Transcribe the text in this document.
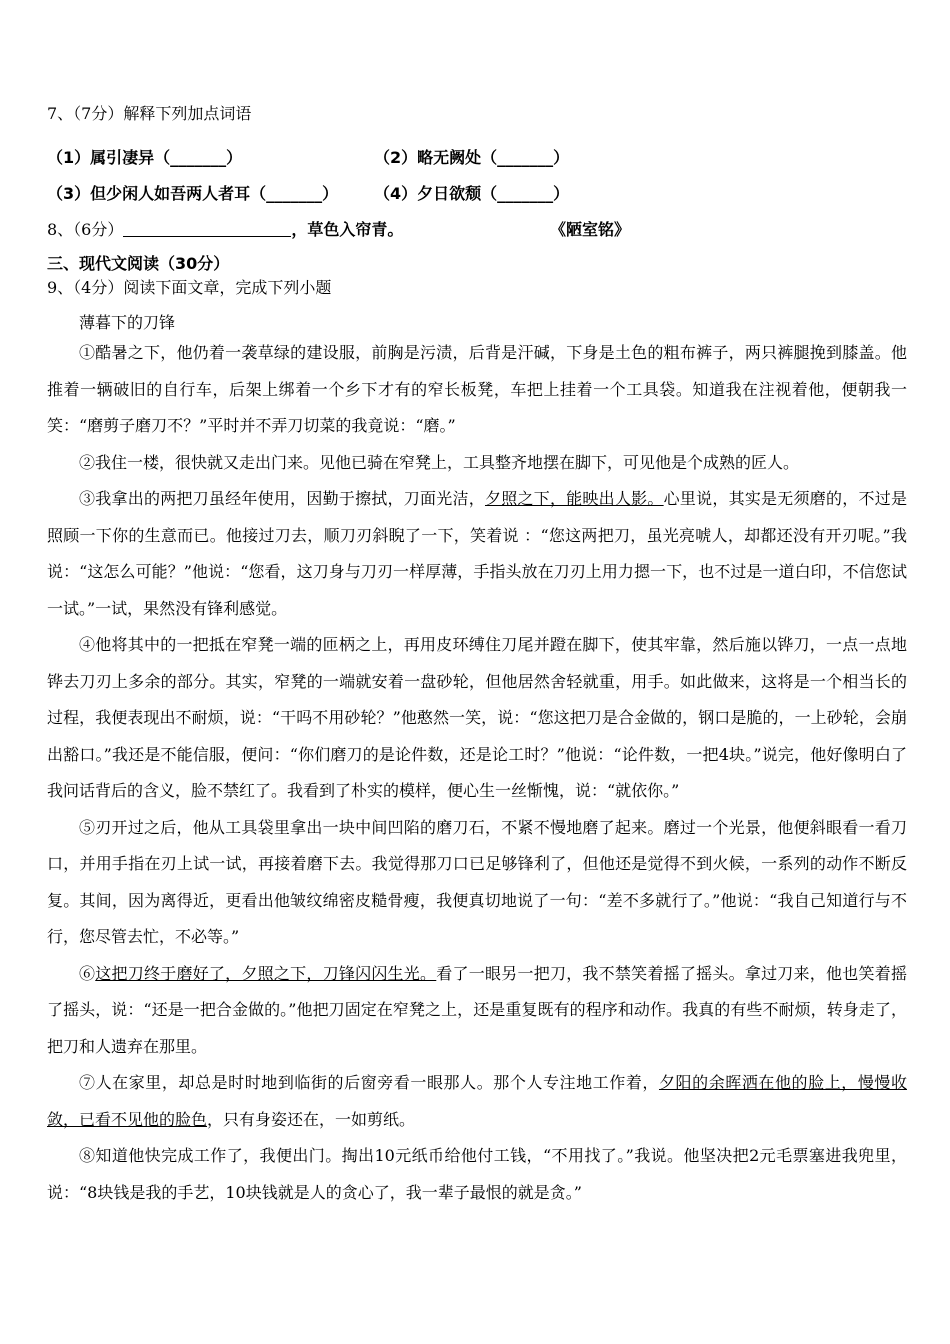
7、（7分）解释下列加点词语
（1）属引凄异（_______）	（2）略无阙处（_______）
（3）但少闲人如吾两人者耳（_______） （4）夕日欲颓（_______）
8、（6分）	，草色入帘青。	《陋室铭》
三、现代文阅读（30分）
9、（4分）阅读下面文章，完成下列小题
薄暮下的刀锋

①酷暑之下，他仍着一袭草绿的建设服，前胸是污渍，后背是汗碱，下身是土色的粗布裤子，两只裤腿挽到膝盖。他推着一辆破旧的自行车，后架上绑着一个乡下才有的窄长板凳，车把上挂着一个工具袋。知道我在注视着他，便朝我一笑：“磨剪子磨刀不？”平时并不弄刀切菜的我竟说：“磨。”

②我住一楼，很快就又走出门来。见他已骑在窄凳上，工具整齐地摆在脚下，可见他是个成熟的匠人。

③我拿出的两把刀虽经年使用，因勤于擦拭，刀面光洁，夕照之下，能映出人影。心里说，其实是无须磨的，不过是照顾一下你的生意而已。他接过刀去，顺刀刃斜睨了一下，笑着说 ：“您这两把刀，虽光亮唬人，却都还没有开刃呢。”我说：“这怎么可能？”他说：“您看，这刀身与刀刃一样厚薄，手指头放在刀刃上用力摁一下，也不过是一道白印，不信您试一试。”一试，果然没有锋利感觉。

④他将其中的一把抵在窄凳一端的匝柄之上，再用皮环缚住刀尾并蹬在脚下，使其牢靠，然后施以铧刀，一点一点地铧去刀刃上多余的部分。其实，窄凳的一端就安着一盘砂轮，但他居然舍轻就重，用手。如此做来，这将是一个相当长的过程，我便表现出不耐烦，说：“干吗不用砂轮？”他憨然一笑，说：“您这把刀是合金做的，钢口是脆的，一上砂轮，会崩出豁口。”我还是不能信服，便问：“你们磨刀的是论件数，还是论工时？”他说：“论件数，一把4块。”说完，他好像明白了我问话背后的含义，脸不禁红了。我看到了朴实的模样，便心生一丝惭愧，说：“就依你。”

⑤刃开过之后，他从工具袋里拿出一块中间凹陷的磨刀石，不紧不慢地磨了起来。磨过一个光景，他便斜眼看一看刀口，并用手指在刃上试一试，再接着磨下去。我觉得那刀口已足够锋利了，但他还是觉得不到火候，一系列的动作不断反复。其间，因为离得近，更看出他皱纹绵密皮糙骨瘦，我便真切地说了一句：“差不多就行了。”他说：“我自己知道行与不行，您尽管去忙，不必等。”

⑥这把刀终于磨好了，夕照之下，刀锋闪闪生光。看了一眼另一把刀，我不禁笑着摇了摇头。拿过刀来，他也笑着摇了摇头，说：“还是一把合金做的。”他把刀固定在窄凳之上，还是重复既有的程序和动作。我真的有些不耐烦，转身走了，把刀和人遗弃在那里。

⑦人在家里，却总是时时地到临街的后窗旁看一眼那人。那个人专注地工作着，夕阳的余晖洒在他的脸上，慢慢收敛，已看不见他的脸色，只有身姿还在，一如剪纸。

⑧知道他快完成工作了，我便出门。掏出10元纸币给他付工钱，“不用找了。”我说。他坚决把2元毛票塞进我兜里，说：“8块钱是我的手艺，10块钱就是人的贪心了，我一辈子最恨的就是贪。”
